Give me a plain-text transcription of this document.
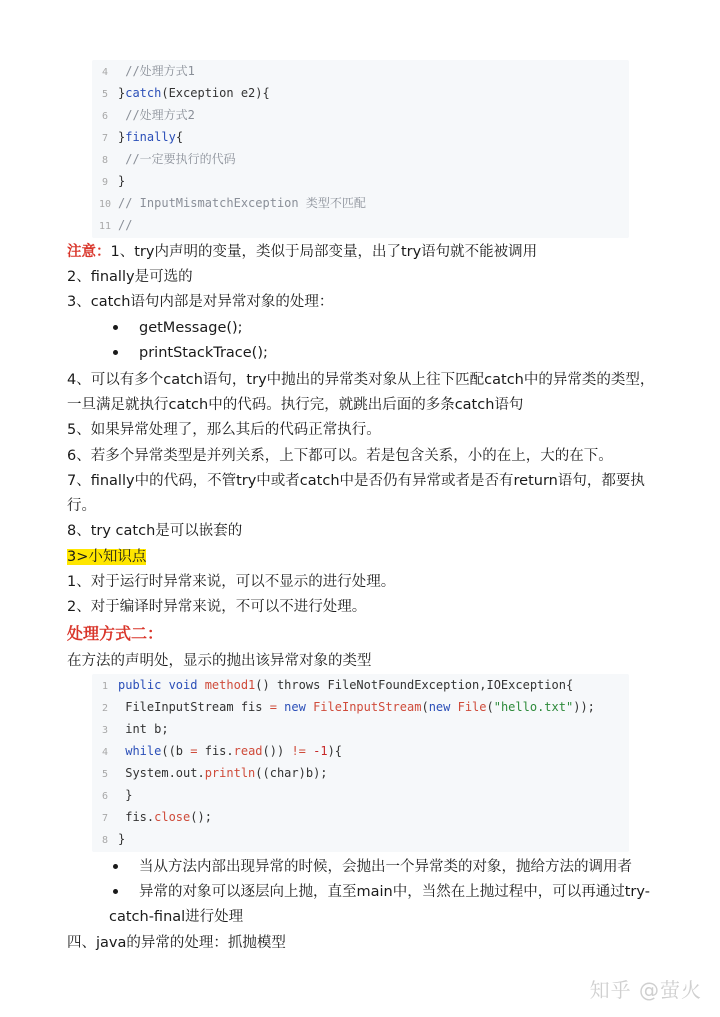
4 //处理方式1
5 }catch(Exception e2){
6 //处理方式2
7 }finally{
8 //一定要执行的代码
9 }
10 // InputMismatchException 类型不匹配
11 //
注意：1、try内声明的变量，类似于局部变量，出了try语句就不能被调用
2、finally是可选的
3、catch语句内部是对异常对象的处理：
getMessage();
printStackTrace();
4、可以有多个catch语句，try中抛出的异常类对象从上往下匹配catch中的异常类的类型，
一旦满足就执行catch中的代码。执行完，就跳出后面的多条catch语句
5、如果异常处理了，那么其后的代码正常执行。
6、若多个异常类型是并列关系，上下都可以。若是包含关系，小的在上，大的在下。
7、finally中的代码，不管try中或者catch中是否仍有异常或者是否有return语句，都要执
行。
8、try catch是可以嵌套的
3>小知识点
1、对于运行时异常来说，可以不显示的进行处理。
2、对于编译时异常来说，不可以不进行处理。
处理方式二：
在方法的声明处，显示的抛出该异常对象的类型
1 public void method1() throws FileNotFoundException,IOException{
2 FileInputStream fis = new FileInputStream(new File("hello.txt"));
3 int b;
4 while((b = fis.read()) != -1){
5 System.out.println((char)b);
6 }
7 fis.close();
8 }
当从方法内部出现异常的时候，会抛出一个异常类的对象，抛给方法的调用者
异常的对象可以逐层向上抛，直至main中，当然在上抛过程中，可以再通过try-
catch-final进行处理
四、java的异常的处理：抓抛模型
知乎 @萤火
